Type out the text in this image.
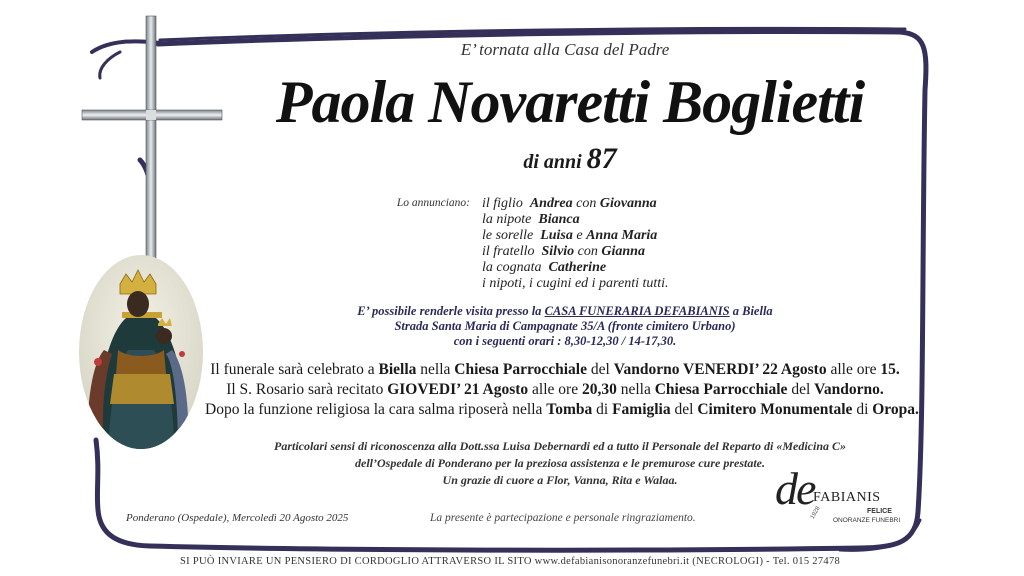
E’ tornata alla Casa del Padre
Paola Novaretti Boglietti
di anni 87
Lo annunciano: il figlio  Andrea con Giovanna
la nipote  Bianca
le sorelle  Luisa e Anna Maria
il fratello  Silvio con Gianna
la cognata  Catherine
i nipoti, i cugini ed i parenti tutti.
E’ possibile renderle visita presso la CASA FUNERARIA DEFABIANIS a Biella
Strada Santa Maria di Campagnate 35/A (fronte cimitero Urbano)
con i seguenti orari : 8,30-12,30 / 14-17,30.
Il funerale sarà celebrato a Biella nella Chiesa Parrocchiale del Vandorno VENERDI’ 22 Agosto alle ore 15.
Il S. Rosario sarà recitato GIOVEDI’ 21 Agosto alle ore 20,30 nella Chiesa Parrocchiale del Vandorno.
Dopo la funzione religiosa la cara salma riposerà nella Tomba di Famiglia del Cimitero Monumentale di Oropa.
Particolari sensi di riconoscenza alla Dott.ssa Luisa Debernardi ed a tutto il Personale del Reparto di «Medicina C»
dell’Ospedale di Ponderano per la preziosa assistenza e le premurose cure prestate.
Un grazie di cuore a Flor, Vanna, Rita e Walaa.
Ponderano (Ospedale), Mercoledì 20 Agosto 2025	La presente è partecipazione e personale ringraziamento.
de
FABIANIS
1928	FELICE
ONORANZE FUNEBRI
SI PUÒ INVIARE UN PENSIERO DI CORDOGLIO ATTRAVERSO IL SITO www.defabianisonoranzefunebri.it (NECROLOGI) - Tel. 015 27478
